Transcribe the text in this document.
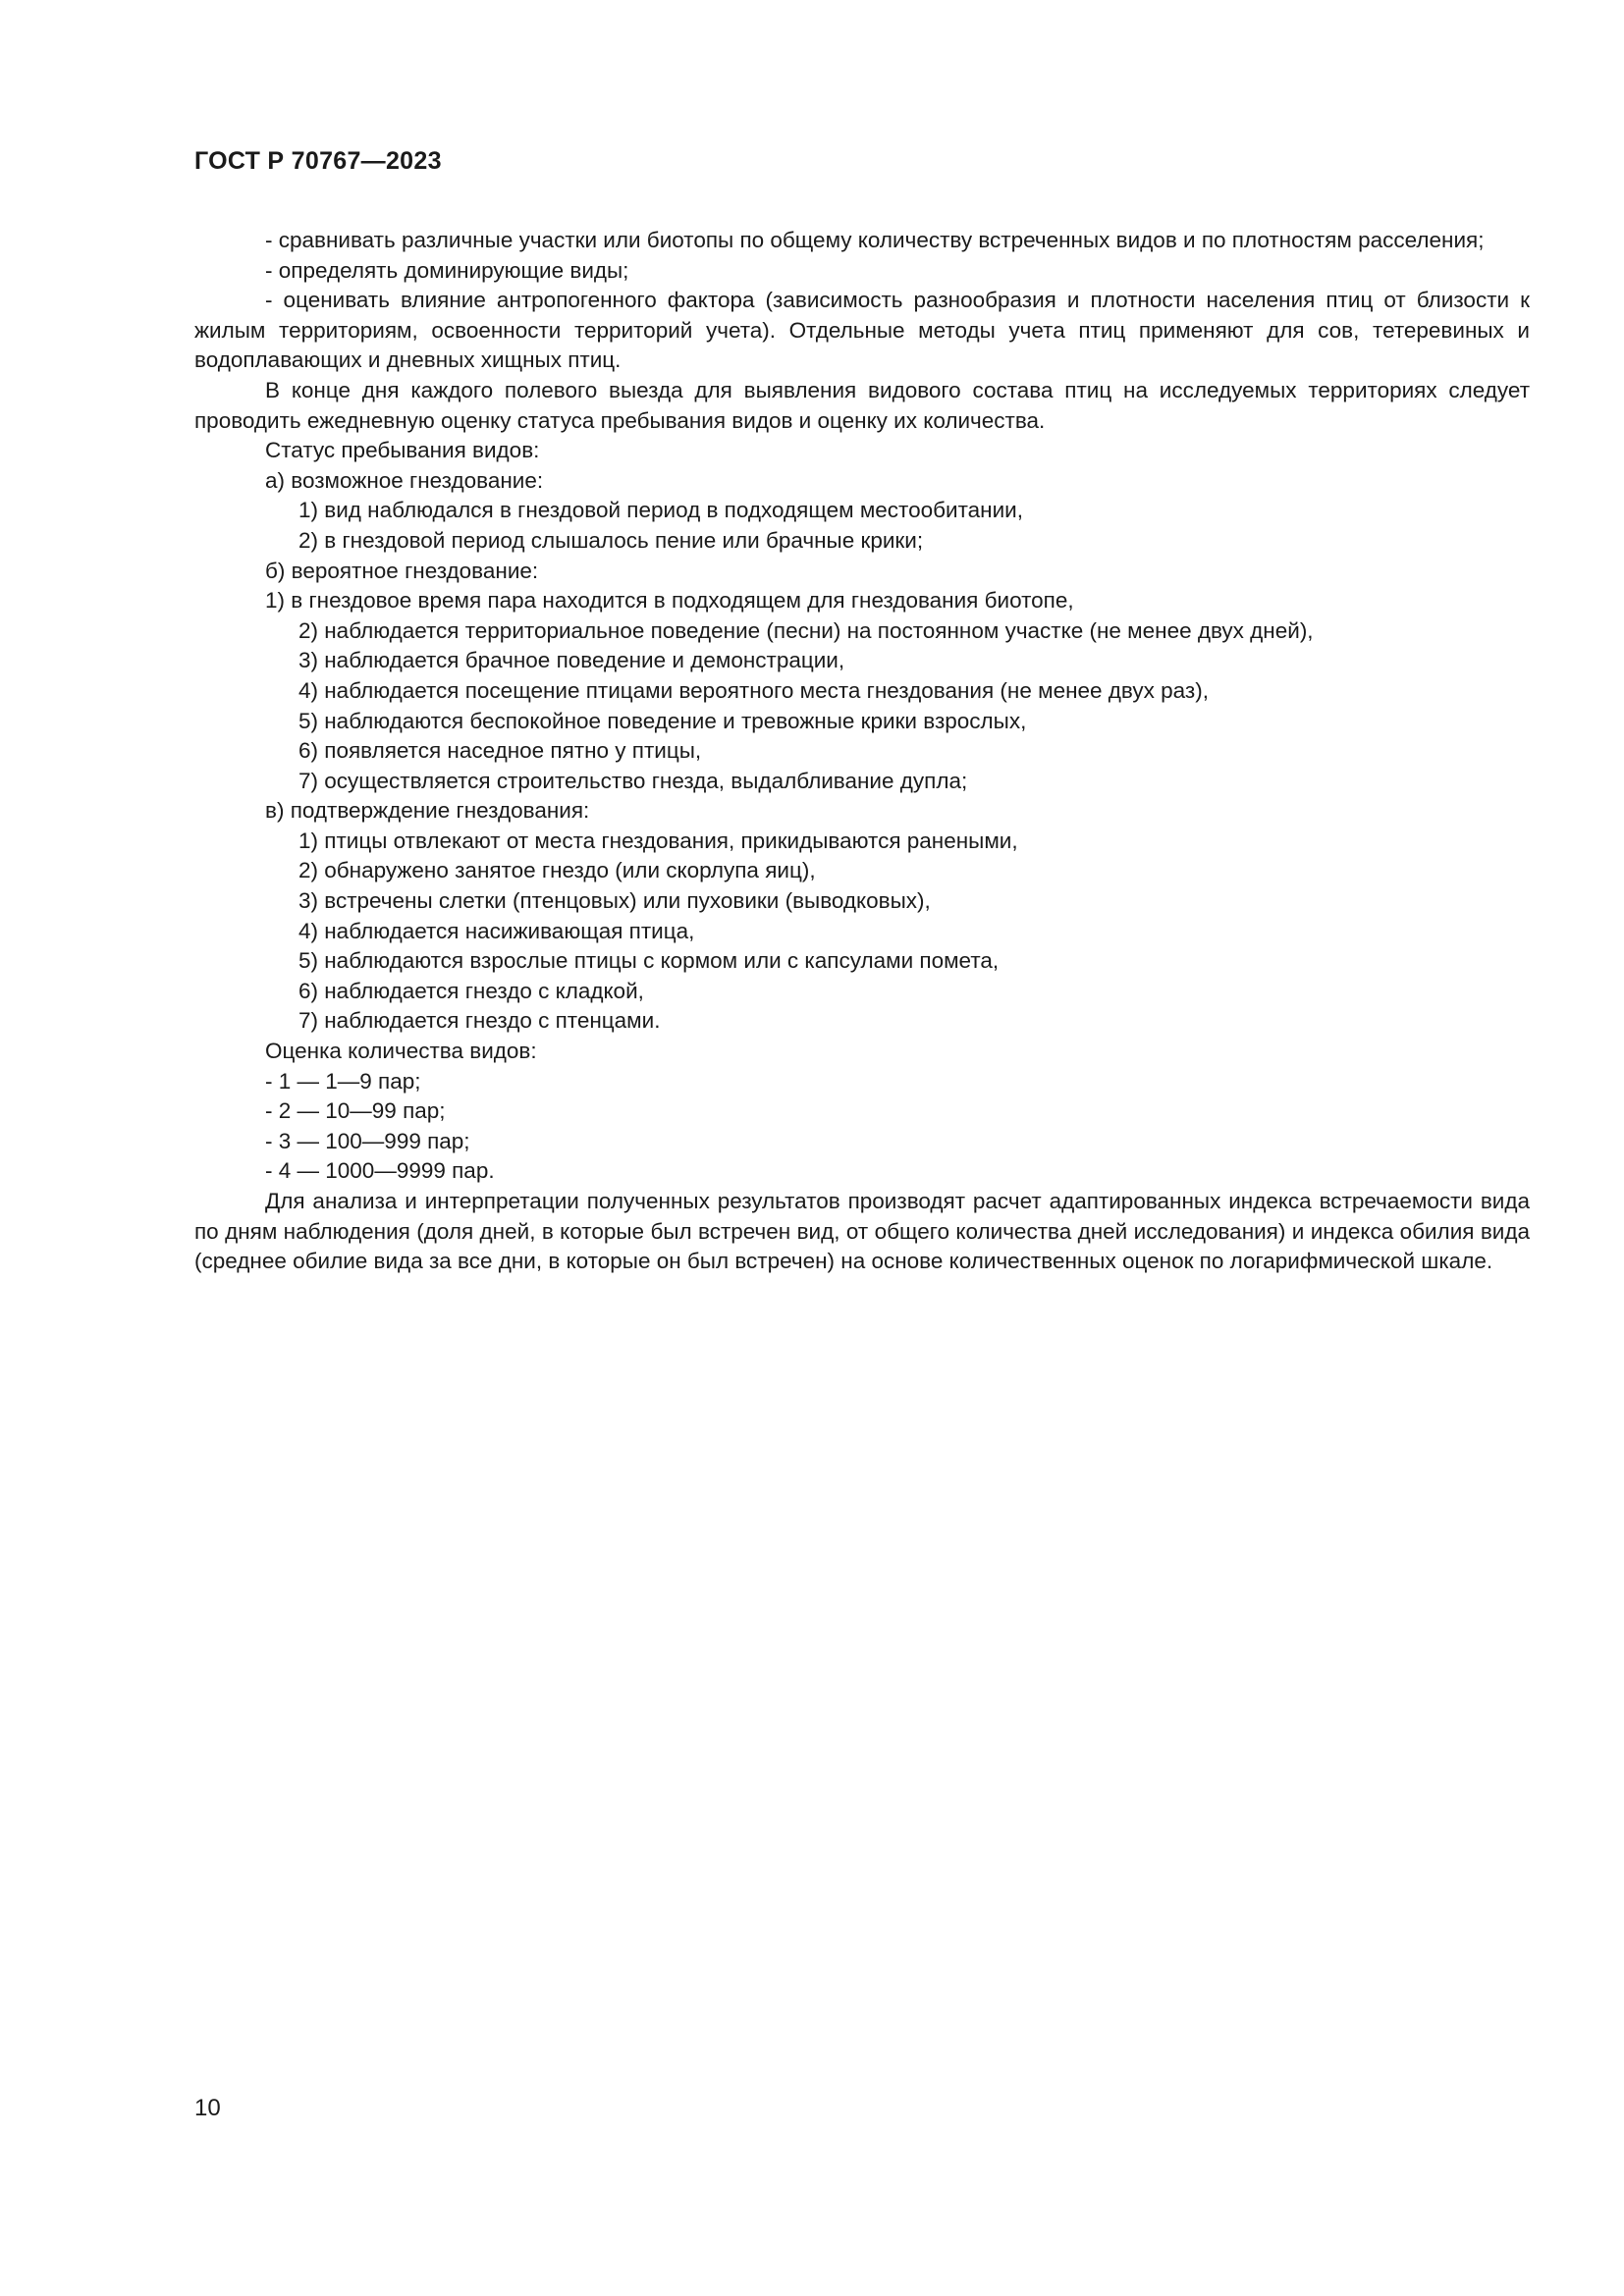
ГОСТ Р 70767—2023

- сравнивать различные участки или биотопы по общему количеству встреченных видов и по плотностям расселения;

- определять доминирующие виды;

- оценивать влияние антропогенного фактора (зависимость разнообразия и плотности населения птиц от близости к жилым территориям, освоенности территорий учета). Отдельные методы учета птиц применяют для сов, тетеревиных и водоплавающих и дневных хищных птиц.

В конце дня каждого полевого выезда для выявления видового состава птиц на исследуемых территориях следует проводить ежедневную оценку статуса пребывания видов и оценку их количества.

Статус пребывания видов:

а) возможное гнездование:

1) вид наблюдался в гнездовой период в подходящем местообитании,

2) в гнездовой период слышалось пение или брачные крики;

б) вероятное гнездование:

1) в гнездовое время пара находится в подходящем для гнездования биотопе,

2) наблюдается территориальное поведение (песни) на постоянном участке (не менее двух дней),

3) наблюдается брачное поведение и демонстрации,

4) наблюдается посещение птицами вероятного места гнездования (не менее двух раз),

5) наблюдаются беспокойное поведение и тревожные крики взрослых,

6) появляется наседное пятно у птицы,

7) осуществляется строительство гнезда, выдалбливание дупла;

в) подтверждение гнездования:

1) птицы отвлекают от места гнездования, прикидываются ранеными,

2) обнаружено занятое гнездо (или скорлупа яиц),

3) встречены слетки (птенцовых) или пуховики (выводковых),

4) наблюдается насиживающая птица,

5) наблюдаются взрослые птицы с кормом или с капсулами помета,

6) наблюдается гнездо с кладкой,

7) наблюдается гнездо с птенцами.

Оценка количества видов:

- 1 — 1—9 пар;

- 2 — 10—99 пар;

- 3 — 100—999 пар;

- 4 — 1000—9999 пар.

Для анализа и интерпретации полученных результатов производят расчет адаптированных индекса встречаемости вида по дням наблюдения (доля дней, в которые был встречен вид, от общего количества дней исследования) и индекса обилия вида (среднее обилие вида за все дни, в которые он был встречен) на основе количественных оценок по логарифмической шкале.

10
